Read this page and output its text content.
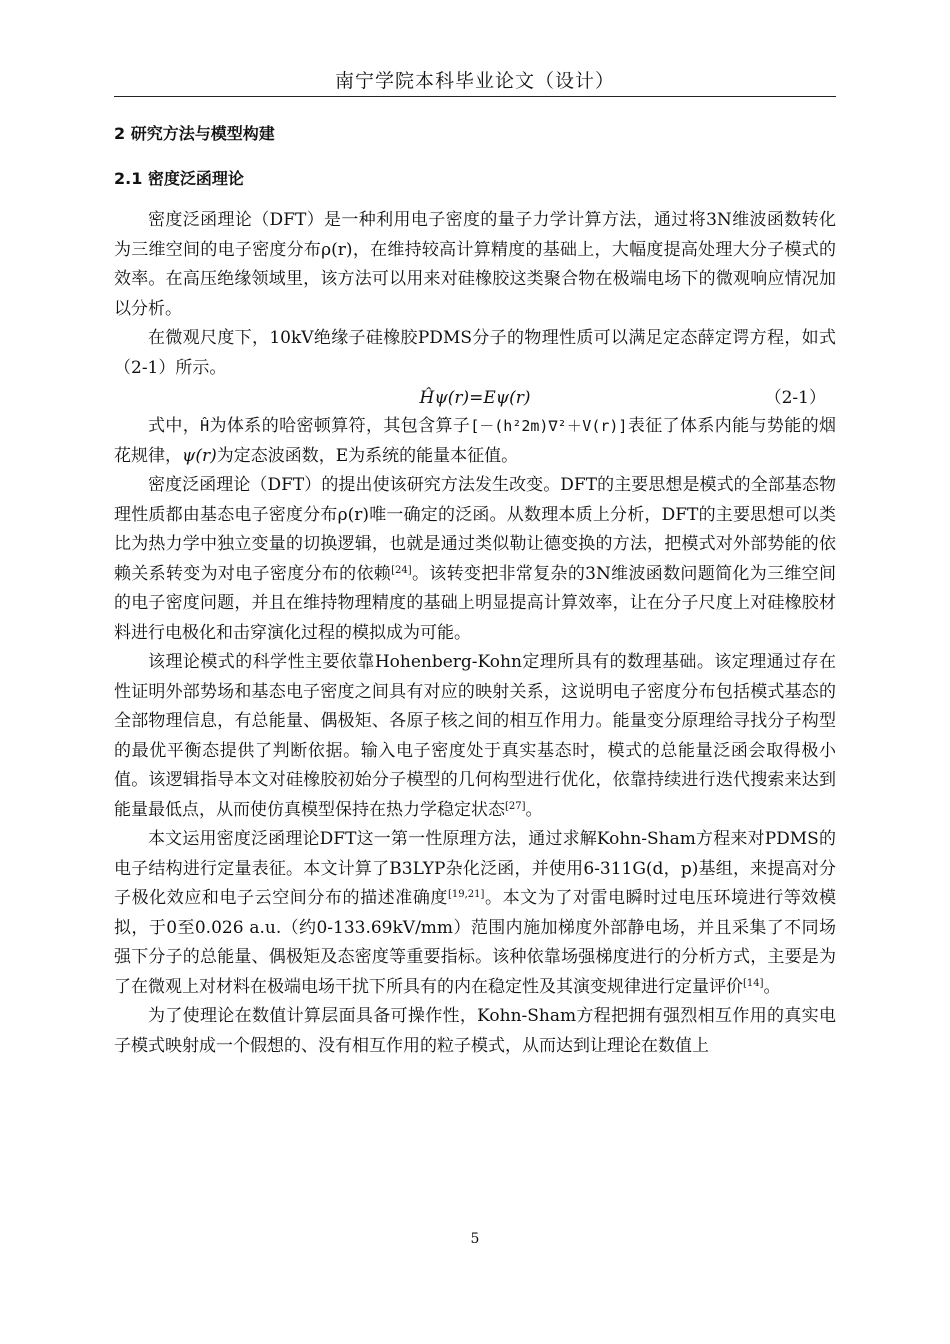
南宁学院本科毕业论文（设计）
2 研究方法与模型构建
2.1 密度泛函理论

密度泛函理论（DFT）是一种利用电子密度的量子力学计算方法，通过将3N维波函数转化为三维空间的电子密度分布ρ(r)，在维持较高计算精度的基础上，大幅度提高处理大分子模式的效率。在高压绝缘领域里，该方法可以用来对硅橡胶这类聚合物在极端电场下的微观响应情况加以分析。

在微观尺度下，10kV绝缘子硅橡胶PDMS分子的物理性质可以满足定态薛定谔方程，如式（2-1）所示。

Ĥψ(r)=Eψ(r)	（2-1）

式中，Ĥ为体系的哈密顿算符，其包含算子[－(h²2m)∇²＋V(r)]表征了体系内能与势能的烟花规律，ψ(r)为定态波函数，E为系统的能量本征值。

密度泛函理论（DFT）的提出使该研究方法发生改变。DFT的主要思想是模式的全部基态物理性质都由基态电子密度分布ρ(r)唯一确定的泛函。从数理本质上分析，DFT的主要思想可以类比为热力学中独立变量的切换逻辑，也就是通过类似勒让德变换的方法，把模式对外部势能的依赖关系转变为对电子密度分布的依赖[24]。该转变把非常复杂的3N维波函数问题简化为三维空间的电子密度问题，并且在维持物理精度的基础上明显提高计算效率，让在分子尺度上对硅橡胶材料进行电极化和击穿演化过程的模拟成为可能。

该理论模式的科学性主要依靠Hohenberg-Kohn定理所具有的数理基础。该定理通过存在性证明外部势场和基态电子密度之间具有对应的映射关系，这说明电子密度分布包括模式基态的全部物理信息，有总能量、偶极矩、各原子核之间的相互作用力。能量变分原理给寻找分子构型的最优平衡态提供了判断依据。输入电子密度处于真实基态时，模式的总能量泛函会取得极小值。该逻辑指导本文对硅橡胶初始分子模型的几何构型进行优化，依靠持续进行迭代搜索来达到能量最低点，从而使仿真模型保持在热力学稳定状态[27]。

本文运用密度泛函理论DFT这一第一性原理方法，通过求解Kohn-Sham方程来对PDMS的电子结构进行定量表征。本文计算了B3LYP杂化泛函，并使用6-311G(d，p)基组，来提高对分子极化效应和电子云空间分布的描述准确度[19,21]。本文为了对雷电瞬时过电压环境进行等效模拟，于0至0.026 a.u.（约0-133.69kV/mm）范围内施加梯度外部静电场，并且采集了不同场强下分子的总能量、偶极矩及态密度等重要指标。该种依靠场强梯度进行的分析方式，主要是为了在微观上对材料在极端电场干扰下所具有的内在稳定性及其演变规律进行定量评价[14]。

为了使理论在数值计算层面具备可操作性，Kohn-Sham方程把拥有强烈相互作用的真实电子模式映射成一个假想的、没有相互作用的粒子模式，从而达到让理论在数值上

5
